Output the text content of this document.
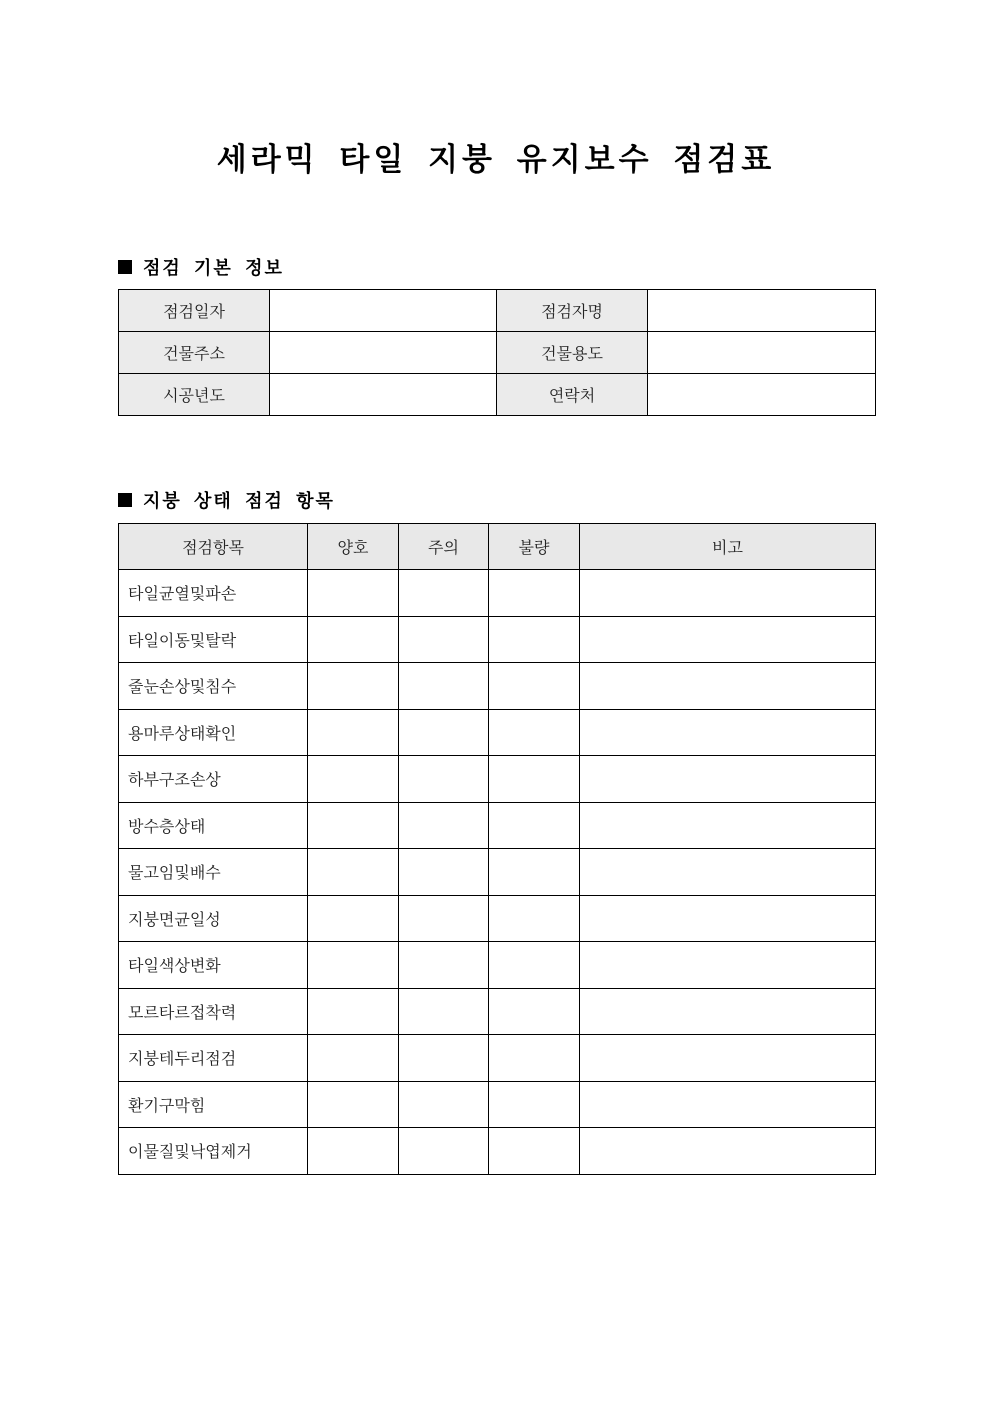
세라믹 타일 지붕 유지보수 점검표
점검 기본 정보
점검일자		점검자명	
건물주소		건물용도	
시공년도		연락처	
지붕 상태 점검 항목
점검항목	양호	주의	불량	비고
타일균열및파손				
타일이동및탈락				
줄눈손상및침수				
용마루상태확인				
하부구조손상				
방수층상태				
물고임및배수				
지붕면균일성				
타일색상변화				
모르타르접착력				
지붕테두리점검				
환기구막힘				
이물질및낙엽제거				
